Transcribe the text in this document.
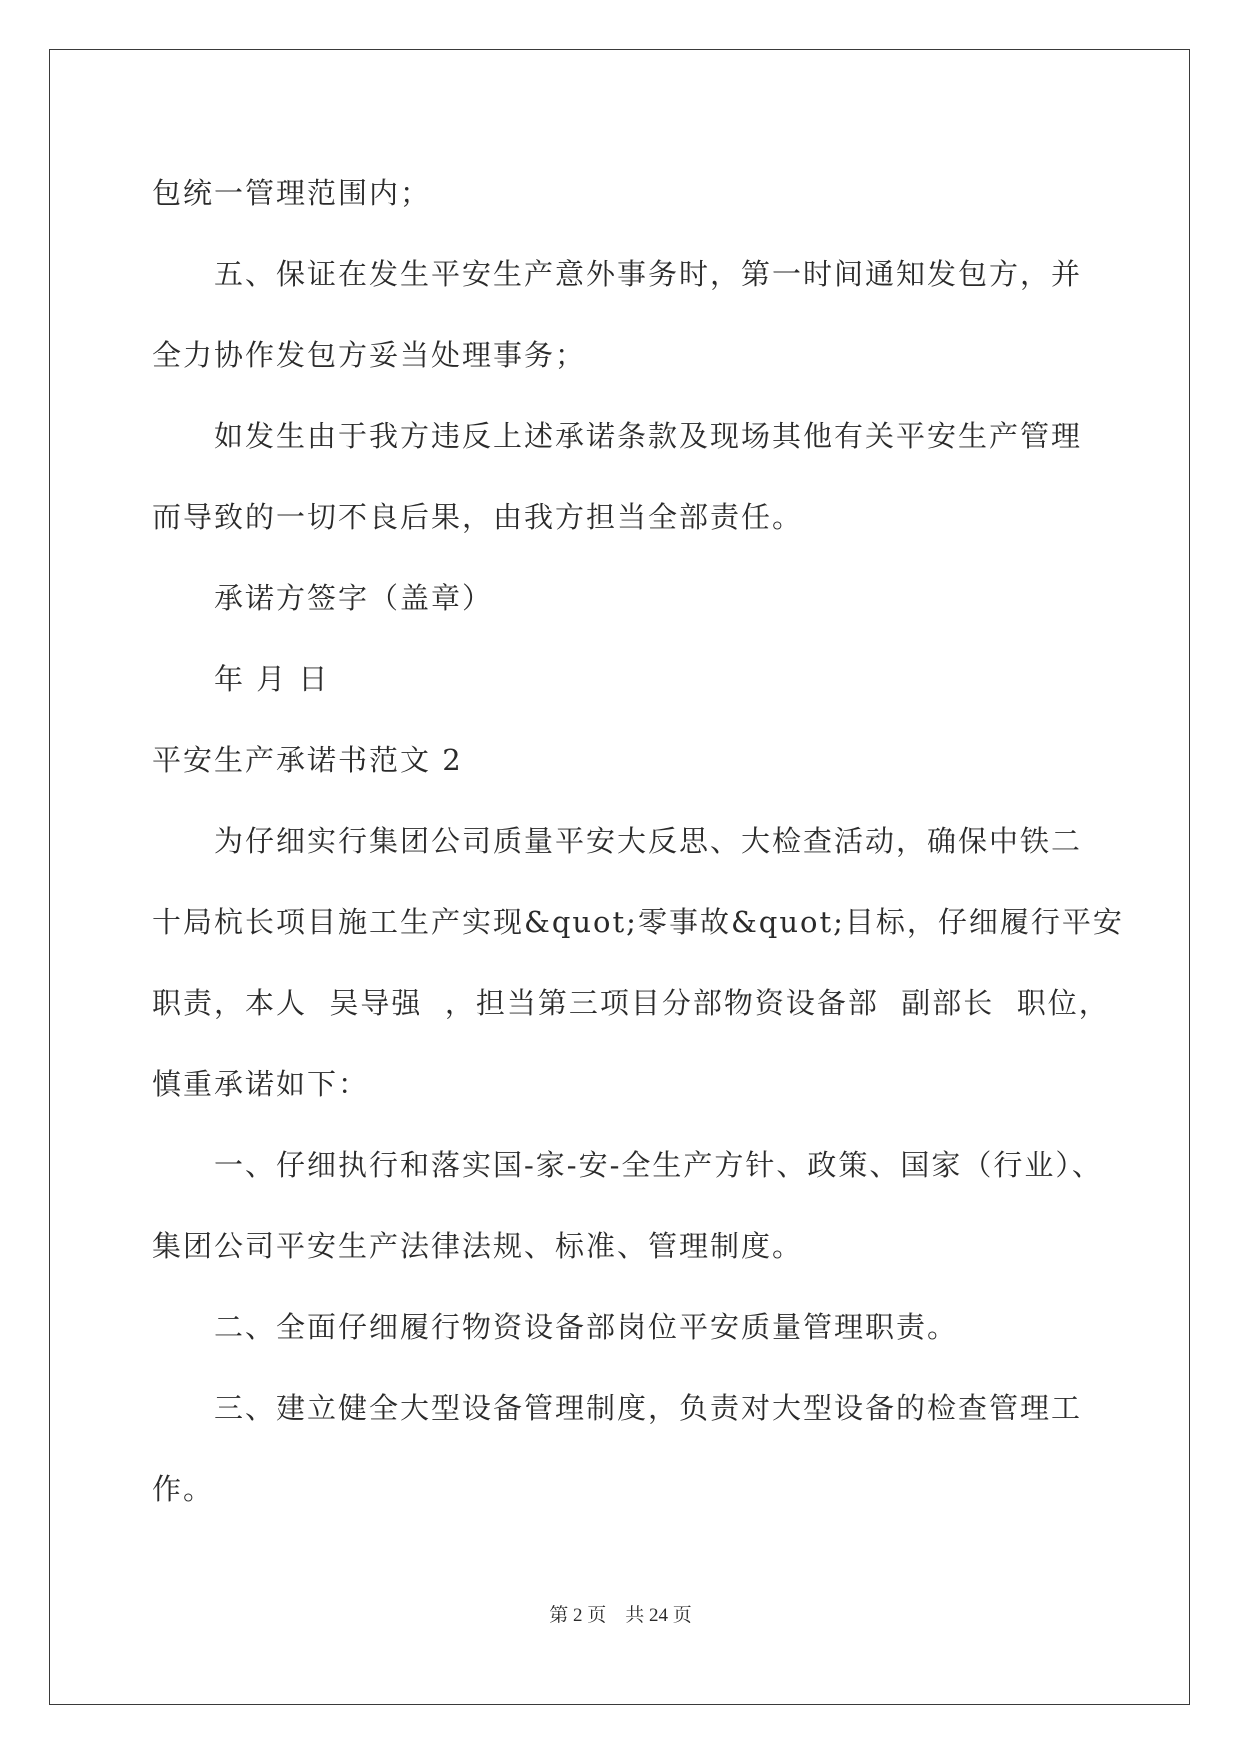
包统一管理范围内；
五、保证在发生平安生产意外事务时，第一时间通知发包方，并
全力协作发包方妥当处理事务；
如发生由于我方违反上述承诺条款及现场其他有关平安生产管理
而导致的一切不良后果，由我方担当全部责任。
承诺方签字（盖章）
年 月 日
平安生产承诺书范文 2
为仔细实行集团公司质量平安大反思、大检查活动，确保中铁二
十局杭长项目施工生产实现&quot;零事故&quot;目标，仔细履行平安
职责，本人  吴导强  ，担当第三项目分部物资设备部  副部长  职位，
慎重承诺如下：
一、仔细执行和落实国-家-安-全生产方针、政策、国家（行业）、
集团公司平安生产法律法规、标准、管理制度。
二、全面仔细履行物资设备部岗位平安质量管理职责。
三、建立健全大型设备管理制度，负责对大型设备的检查管理工
作。
第 2 页    共 24 页
